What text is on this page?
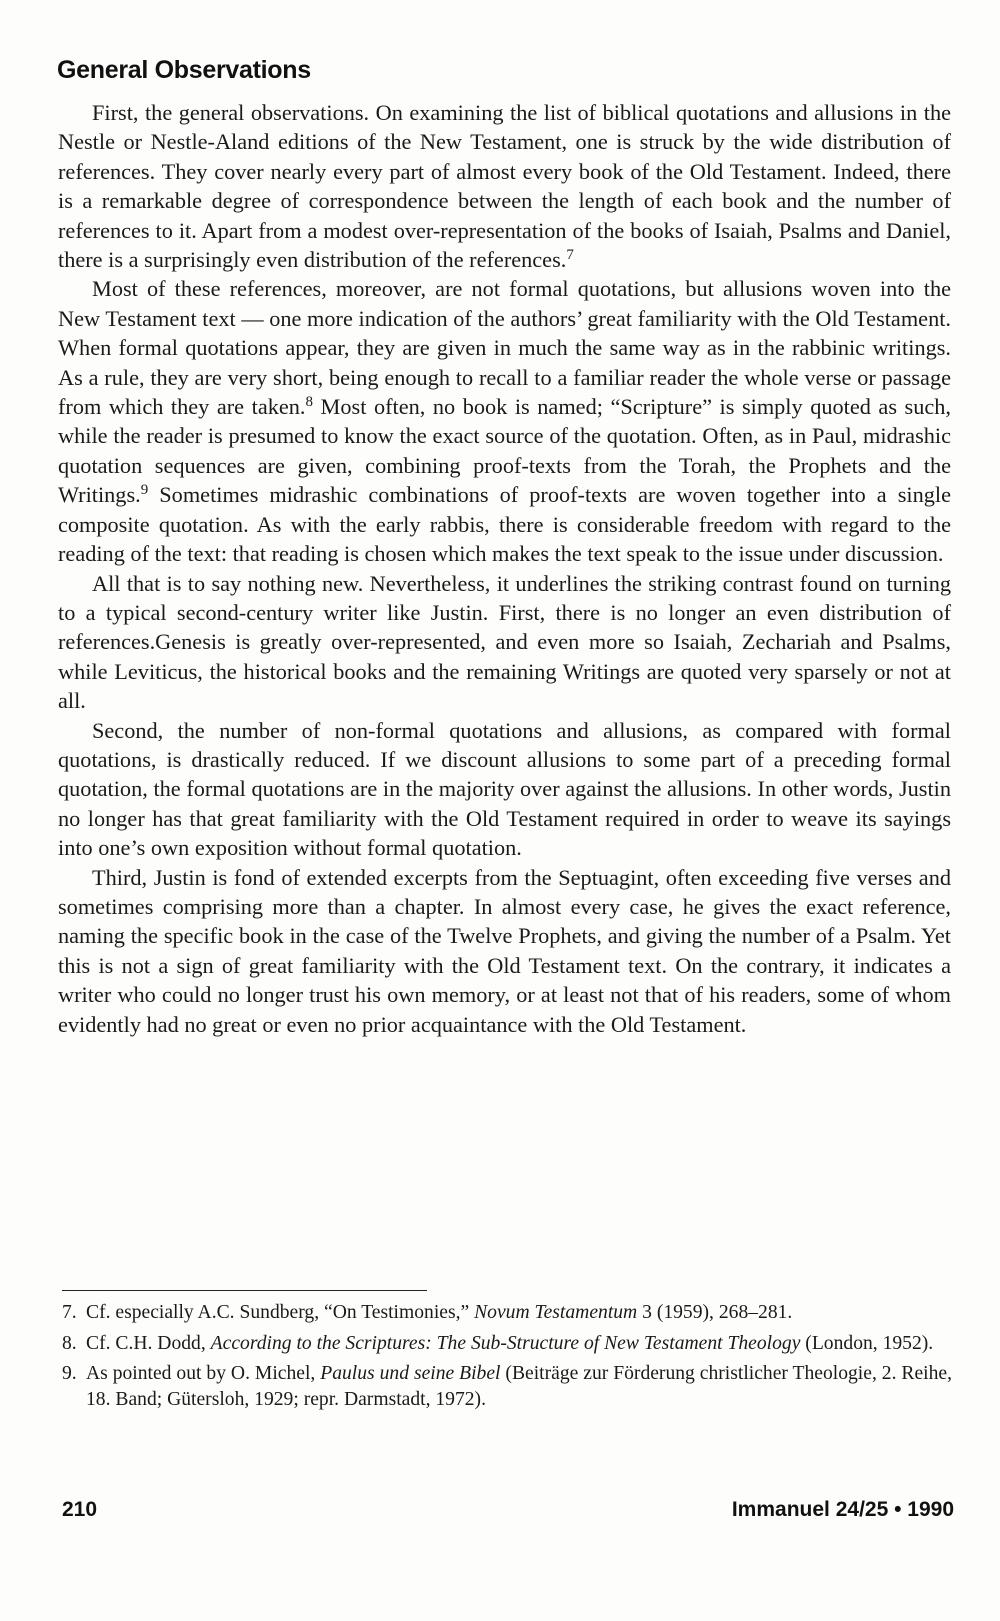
General Observations

First, the general observations. On examining the list of biblical quotations and allusions in the Nestle or Nestle-Aland editions of the New Testament, one is struck by the wide distribution of references. They cover nearly every part of almost every book of the Old Testament. Indeed, there is a remarkable degree of correspondence between the length of each book and the number of references to it. Apart from a modest over-representation of the books of Isaiah, Psalms and Daniel, there is a surprisingly even distribution of the references.$^7$

Most of these references, moreover, are not formal quotations, but allusions woven into the New Testament text — one more indication of the authors’ great familiarity with the Old Testament. When formal quotations appear, they are given in much the same way as in the rabbinic writings. As a rule, they are very short, being enough to recall to a familiar reader the whole verse or passage from which they are taken.$^8$ Most often, no book is named; “Scripture” is simply quoted as such, while the reader is presumed to know the exact source of the quotation. Often, as in Paul, midrashic quotation sequences are given, combining proof-texts from the Torah, the Prophets and the Writings.$^9$ Sometimes midrashic combinations of proof-texts are woven together into a single composite quotation. As with the early rabbis, there is considerable freedom with regard to the reading of the text: that reading is chosen which makes the text speak to the issue under discussion.

All that is to say nothing new. Nevertheless, it underlines the striking contrast found on turning to a typical second-century writer like Justin. First, there is no longer an even distribution of references.Genesis is greatly over-represented, and even more so Isaiah, Zechariah and Psalms, while Leviticus, the historical books and the remaining Writings are quoted very sparsely or not at all.

Second, the number of non-formal quotations and allusions, as compared with formal quotations, is drastically reduced. If we discount allusions to some part of a preceding formal quotation, the formal quotations are in the majority over against the allusions. In other words, Justin no longer has that great familiarity with the Old Testament required in order to weave its sayings into one’s own exposition without formal quotation.

Third, Justin is fond of extended excerpts from the Septuagint, often exceeding five verses and sometimes comprising more than a chapter. In almost every case, he gives the exact reference, naming the specific book in the case of the Twelve Prophets, and giving the number of a Psalm. Yet this is not a sign of great familiarity with the Old Testament text. On the contrary, it indicates a writer who could no longer trust his own memory, or at least not that of his readers, some of whom evidently had no great or even no prior acquaintance with the Old Testament.

7. Cf. especially A.C. Sundberg, “On Testimonies,” Novum Testamentum 3 (1959), 268–281.
8. Cf. C.H. Dodd, According to the Scriptures: The Sub-Structure of New Testament Theology (London, 1952).
9. As pointed out by O. Michel, Paulus und seine Bibel (Beiträge zur Förderung christlicher Theologie, 2. Reihe, 18. Band; Gütersloh, 1929; repr. Darmstadt, 1972).
210	Immanuel 24/25 • 1990
